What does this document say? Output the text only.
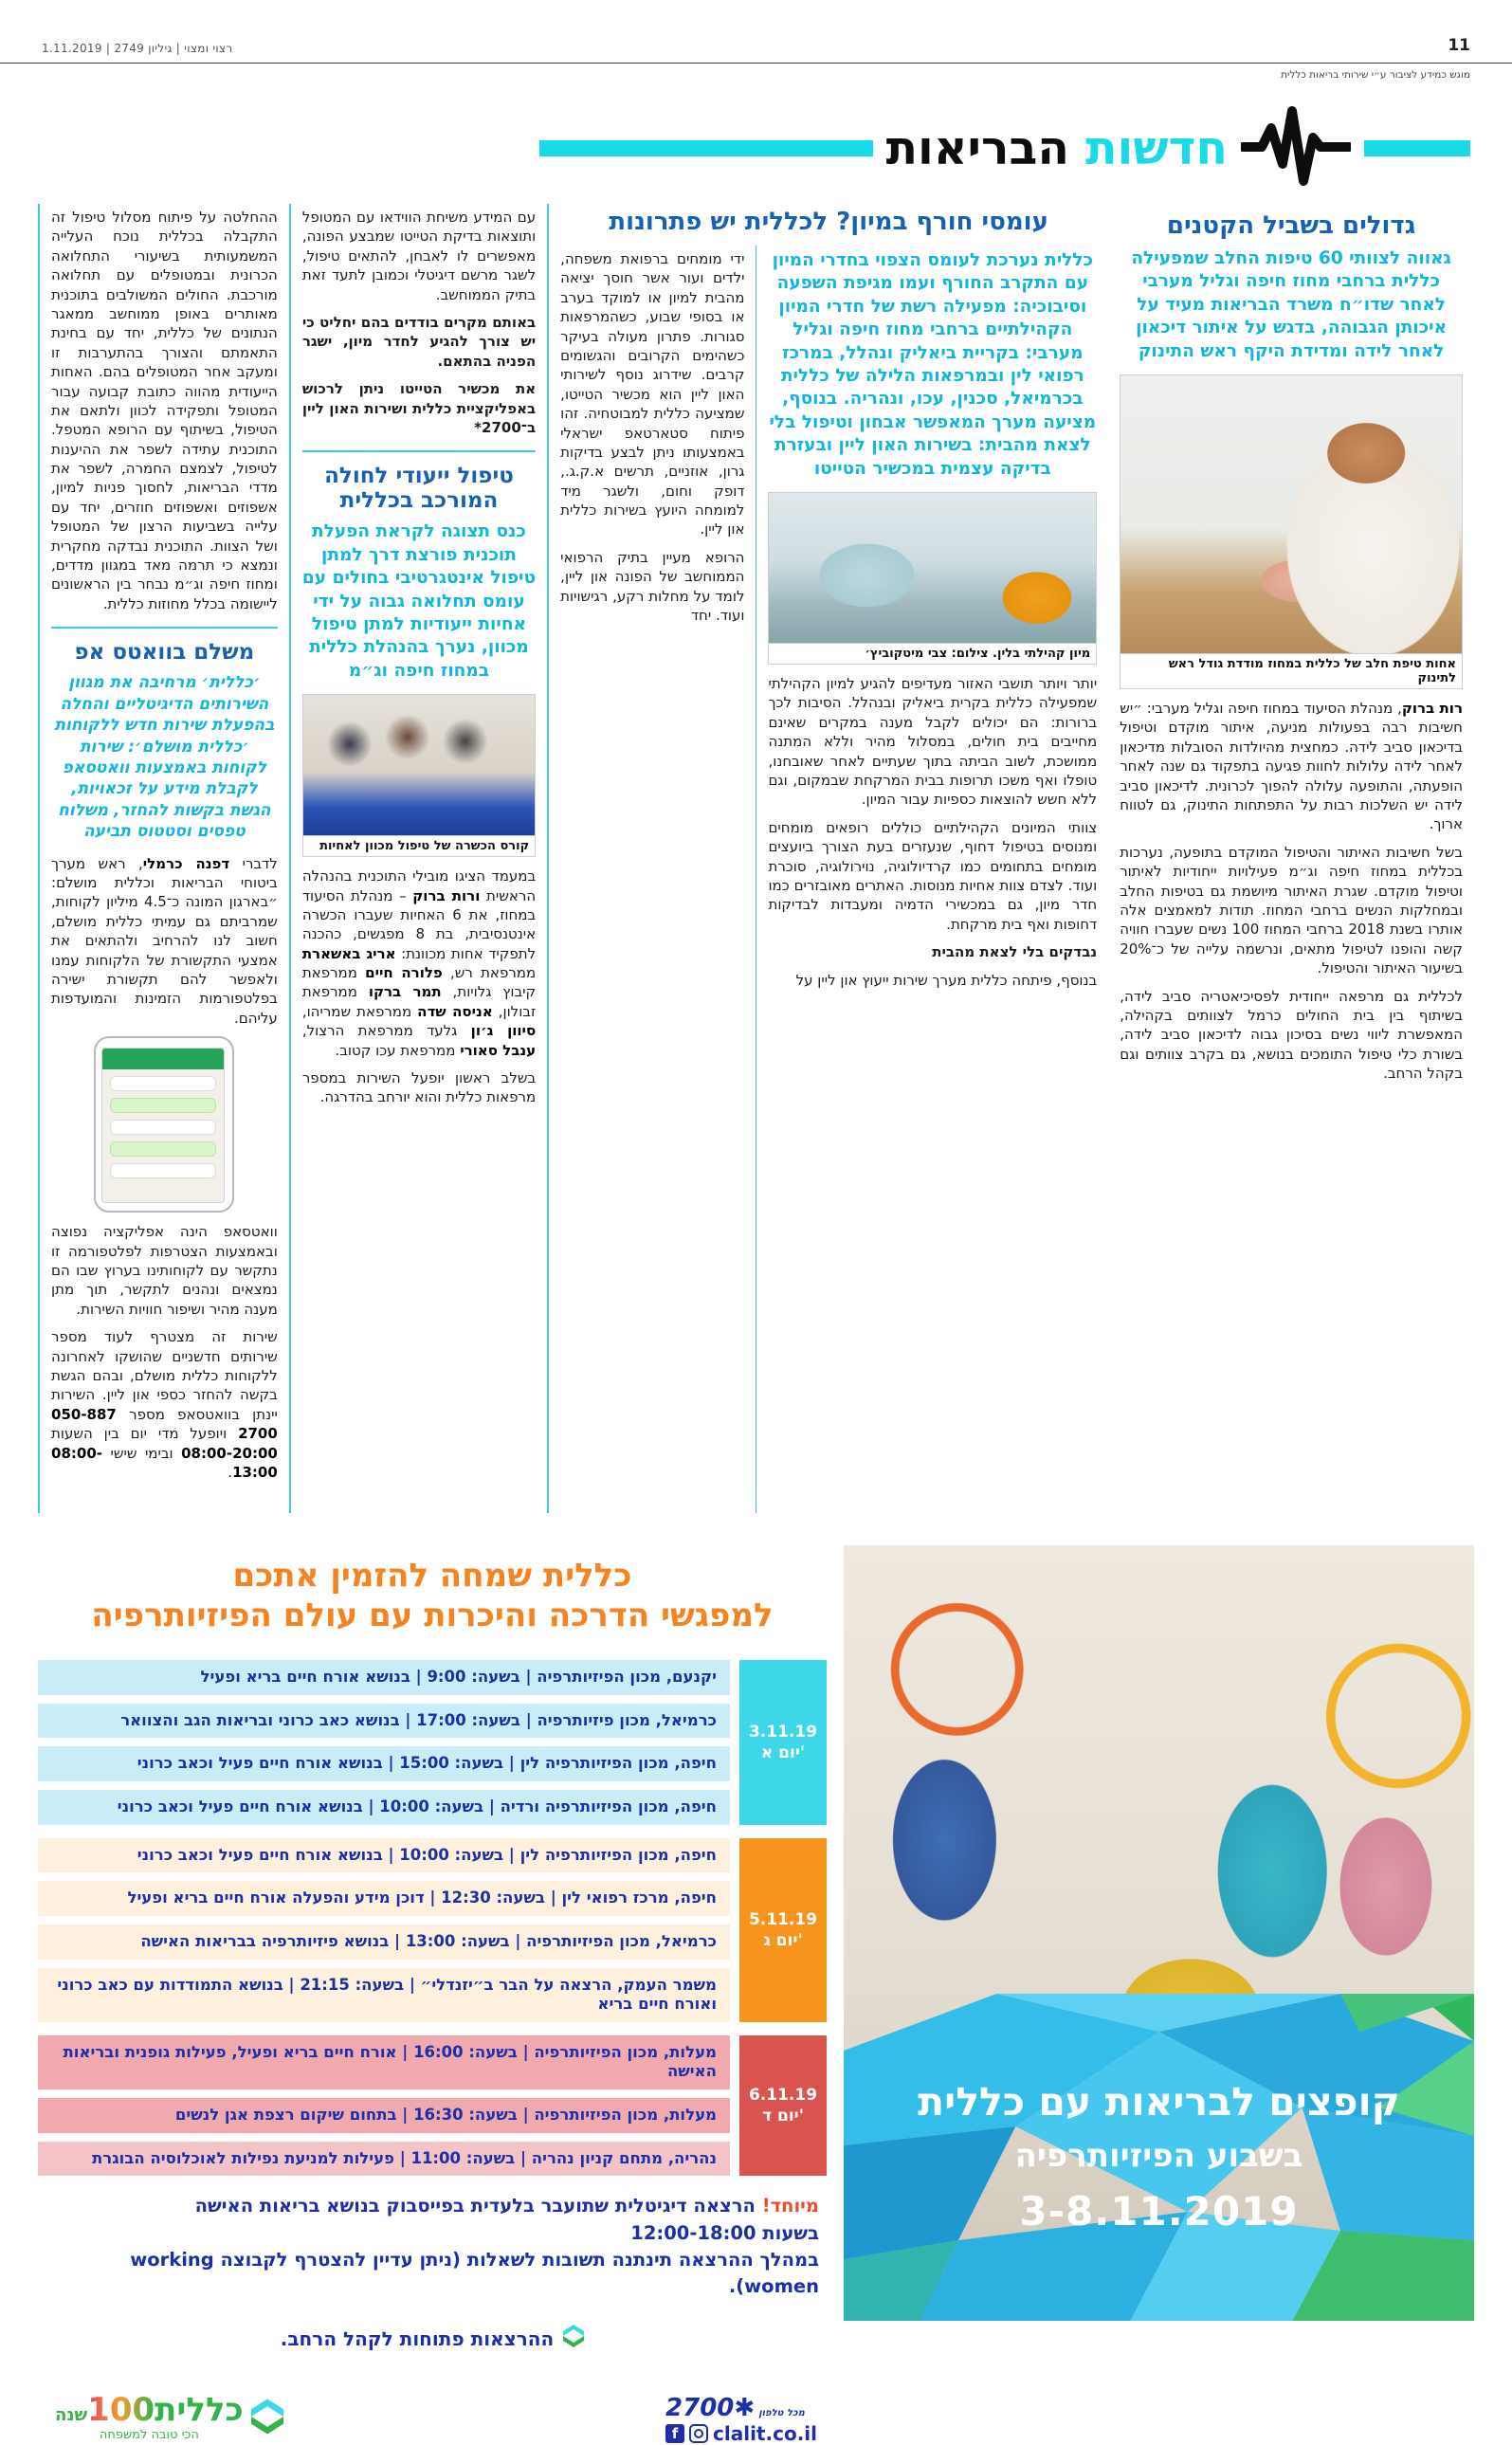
11
רצוי ומצוי | גיליון 2749 | 1.11.2019
מוגש כמידע לציבור ע״י שירותי בריאות כללית
חדשות הבריאות
גדולים בשביל הקטנים
גאווה לצוותי 60 טיפות החלב שמפעילה כללית ברחבי מחוז חיפה וגליל מערבי לאחר שדו״ח משרד הבריאות מעיד על איכותן הגבוהה, בדגש על איתור דיכאון לאחר לידה ומדידת היקף ראש התינוק
אחות טיפת חלב של כללית במחוז מודדת גודל ראש לתינוק

רות ברוק, מנהלת הסיעוד במחוז חיפה וגליל מערבי: ״יש חשיבות רבה בפעולות מניעה, איתור מוקדם וטיפול בדיכאון סביב לידה. כמחצית מהיולדות הסובלות מדיכאון לאחר לידה עלולות לחוות פגיעה בתפקוד גם שנה לאחר הופעתה, והתופעה עלולה להפוך לכרונית. לדיכאון סביב לידה יש השלכות רבות על התפתחות התינוק, גם לטווח ארוך.

בשל חשיבות האיתור והטיפול המוקדם בתופעה, נערכות בכללית במחוז חיפה וג״מ פעילויות ייחודיות לאיתור וטיפול מוקדם. שגרת האיתור מיושמת גם בטיפות החלב ובמחלקות הנשים ברחבי המחוז. תודות למאמצים אלה אותרו בשנת 2018 ברחבי המחוז 100 נשים שעברו חוויה קשה והופנו לטיפול מתאים, ונרשמה עלייה של כ־20% בשיעור האיתור והטיפול.

לכללית גם מרפאה ייחודית לפסיכיאטריה סביב לידה, בשיתוף בין בית החולים כרמל לצוותים בקהילה, המאפשרת ליווי נשים בסיכון גבוה לדיכאון סביב לידה, בשורת כלי טיפול התומכים בנושא, גם בקרב צוותים וגם בקהל הרחב.

עומסי חורף במיון? לכללית יש פתרונות
כללית נערכת לעומס הצפוי בחדרי המיון עם התקרב החורף ועמו מגיפת השפעה וסיבוכיה: מפעילה רשת של חדרי המיון הקהילתיים ברחבי מחוז חיפה וגליל מערבי: בקריית ביאליק ונהלל, במרכז רפואי לין ובמרפאות הלילה של כללית בכרמיאל, סכנין, עכו, ונהריה. בנוסף, מציעה מערך המאפשר אבחון וטיפול בלי לצאת מהבית: בשירות האון ליין ובעזרת בדיקה עצמית במכשיר הטייטו
מיון קהילתי בלין. צילום: צבי מיטקוביץ׳

יותר ויותר תושבי האזור מעדיפים להגיע למיון הקהילתי שמפעילה כללית בקרית ביאליק ובנהלל. הסיבות לכך ברורות: הם יכולים לקבל מענה במקרים שאינם מחייבים בית חולים, במסלול מהיר וללא המתנה ממושכת, לשוב הביתה בתוך שעתיים לאחר שאובחנו, טופלו ואף משכו תרופות בבית המרקחת שבמקום, וגם ללא חשש להוצאות כספיות עבור המיון.

צוותי המיונים הקהילתיים כוללים רופאים מומחים ומנוסים בטיפול דחוף, שנעזרים בעת הצורך ביועצים מומחים בתחומים כמו קרדיולוגיה, נוירולוגיה, סוכרת ועוד. לצדם צוות אחיות מנוסות. האתרים מאובזרים כמו חדר מיון, גם במכשירי הדמיה ומעבדות לבדיקות דחופות ואף בית מרקחת.

נבדקים בלי לצאת מהבית

בנוסף, פיתחה כללית מערך שירות ייעוץ און ליין על

ידי מומחים ברפואת משפחה, ילדים ועור אשר חוסך יציאה מהבית למיון או למוקד בערב או בסופי שבוע, כשהמרפאות סגורות. פתרון מעולה בעיקר כשהימים הקרובים והגשומים קרבים. שידרוג נוסף לשירותי האון ליין הוא מכשיר הטייטו, שמציעה כללית למבוטחיה. זהו פיתוח סטארטאפ ישראלי באמצעותו ניתן לבצע בדיקות גרון, אוזניים, תרשים א.ק.ג., דופק וחום, ולשגר מיד למומחה היועץ בשירות כללית און ליין.

הרופא מעיין בתיק הרפואי הממוחשב של הפונה און ליין, לומד על מחלות רקע, רגישויות ועוד. יחד

עם המידע משיחת הווידאו עם המטופל ותוצאות בדיקת הטייטו שמבצע הפונה, מאפשרים לו לאבחן, להתאים טיפול, לשגר מרשם דיגיטלי וכמובן לתעד זאת בתיק הממוחשב.

באותם מקרים בודדים בהם יחליט כי יש צורך להגיע לחדר מיון, ישגר הפניה בהתאם.

את מכשיר הטייטו ניתן לרכוש באפליקציית כללית ושירות האון ליין ב־2700*

טיפול ייעודי לחולה המורכב בכללית
כנס תצוגה לקראת הפעלת תוכנית פורצת דרך למתן טיפול אינטגרטיבי בחולים עם עומס תחלואה גבוה על ידי אחיות ייעודיות למתן טיפול מכוון, נערך בהנהלת כללית במחוז חיפה וג״מ
קורס הכשרה של טיפול מכוון לאחיות

במעמד הציגו מובילי התוכנית בהנהלה הראשית ורות ברוק – מנהלת הסיעוד במחוז, את 6 האחיות שעברו הכשרה אינטנסיבית, בת 8 מפגשים, כהכנה לתפקיד אחות מכוונת: אריג באשארת ממרפאת רש, פלורה חיים ממרפאת קיבוץ גלויות, תמר ברקו ממרפאת זבולון, אניסה שדה ממרפאת שמריהו, סיוון ג׳ון גלעד ממרפאת הרצול, ענבל סאורי ממרפאת עכו קטוב.

בשלב ראשון יופעל השירות במספר מרפאות כללית והוא יורחב בהדרגה.

ההחלטה על פיתוח מסלול טיפול זה התקבלה בכללית נוכח העלייה המשמעותית בשיעורי התחלואה הכרונית ובמטופלים עם תחלואה מורכבת. החולים המשולבים בתוכנית מאותרים באופן ממוחשב ממאגר הנתונים של כללית, יחד עם בחינת התאמתם והצורך בהתערבות זו ומעקב אחר המטופלים בהם. האחות הייעודית מהווה כתובת קבועה עבור המטופל ותפקידה לכוון ולתאם את הטיפול, בשיתוף עם הרופא המטפל. התוכנית עתידה לשפר את ההיענות לטיפול, לצמצם החמרה, לשפר את מדדי הבריאות, לחסוך פניות למיון, אשפוזים ואשפוזים חוזרים, יחד עם עלייה בשביעות הרצון של המטופל ושל הצוות. התוכנית נבדקה מחקרית ונמצא כי תרמה מאד במגוון מדדים, ומחוז חיפה וג״מ נבחר בין הראשונים ליישומה בכלל מחוזות כללית.

משלם בוואטס אפ
׳כללית׳ מרחיבה את מגוון השירותים הדיגיטליים והחלה בהפעלת שירות חדש ללקוחות ׳כללית מושלם׳: שירות לקוחות באמצעות וואטסאפ לקבלת מידע על זכאויות, הגשת בקשות להחזר, משלוח טפסים וסטטוס תביעה

לדברי דפנה כרמלי, ראש מערך ביטוחי הבריאות וכללית מושלם: ״בארגון המונה כ־4.5 מיליון לקוחות, שמרביתם גם עמיתי כללית מושלם, חשוב לנו להרחיב ולהתאים את אמצעי התקשורת של הלקוחות עמנו ולאפשר להם תקשורת ישירה בפלטפורמות הזמינות והמועדפות עליהם.

וואטסאפ הינה אפליקציה נפוצה ובאמצעות הצטרפות לפלטפורמה זו נתקשר עם לקוחותינו בערוץ שבו הם נמצאים ונהנים לתקשר, תוך מתן מענה מהיר ושיפור חוויות השירות.

שירות זה מצטרף לעוד מספר שירותים חדשניים שהושקו לאחרונה ללקוחות כללית מושלם, ובהם הגשת בקשה להחזר כספי און ליין. השירות יינתן בוואטסאפ מספר 050-887 2700 ויופעל מדי יום בין השעות 08:00-20:00 ובימי שישי 08:00-13:00.

כללית שמחה להזמין אתכם
למפגשי הדרכה והיכרות עם עולם הפיזיותרפיה
יקנעם, מכון הפיזיותרפיה | בשעה: 9:00 | בנושא אורח חיים בריא ופעיל
כרמיאל, מכון פיזיותרפיה | בשעה: 17:00 | בנושא כאב כרוני ובריאות הגב והצוואר
חיפה, מכון הפיזיותרפיה לין | בשעה: 15:00 | בנושא אורח חיים פעיל וכאב כרוני
חיפה, מכון הפיזיותרפיה ורדיה | בשעה: 10:00 | בנושא אורח חיים פעיל וכאב כרוני
3.11.19
יום א'
חיפה, מכון הפיזיותרפיה לין | בשעה: 10:00 | בנושא אורח חיים פעיל וכאב כרוני
חיפה, מרכז רפואי לין | בשעה: 12:30 | דוכן מידע והפעלה אורח חיים בריא ופעיל
כרמיאל, מכון הפיזיותרפיה | בשעה: 13:00 | בנושא פיזיותרפיה בבריאות האישה
משמר העמק, הרצאה על הבר ב״יזנדלי״ | בשעה: 21:15 | בנושא התמודדות עם כאב כרוני ואורח חיים בריא
5.11.19
יום ג'
מעלות, מכון הפיזיותרפיה | בשעה: 16:00 | אורח חיים בריא ופעיל, פעילות גופנית ובריאות האישה
מעלות, מכון הפיזיותרפיה | בשעה: 16:30 | בתחום שיקום רצפת אגן לנשים
נהריה, מתחם קניון נהריה | בשעה: 11:00 | פעילות למניעת נפילות לאוכלוסיה הבוגרת
6.11.19
יום ד'
מיוחד! הרצאה דיגיטלית שתועבר בלעדית בפייסבוק בנושא בריאות האישה
בשעות 12:00-18:00
במהלך ההרצאה תינתנה תשובות לשאלות (ניתן עדיין להצטרף לקבוצה working women).
ההרצאות פתוחות לקהל הרחב.
כללית100שנה
הכי טובה למשפחה
מכל טלפון✱2700
f	clalit.co.il
קופצים לבריאות עם כללית
בשבוע הפיזיותרפיה
3-8.11.2019
